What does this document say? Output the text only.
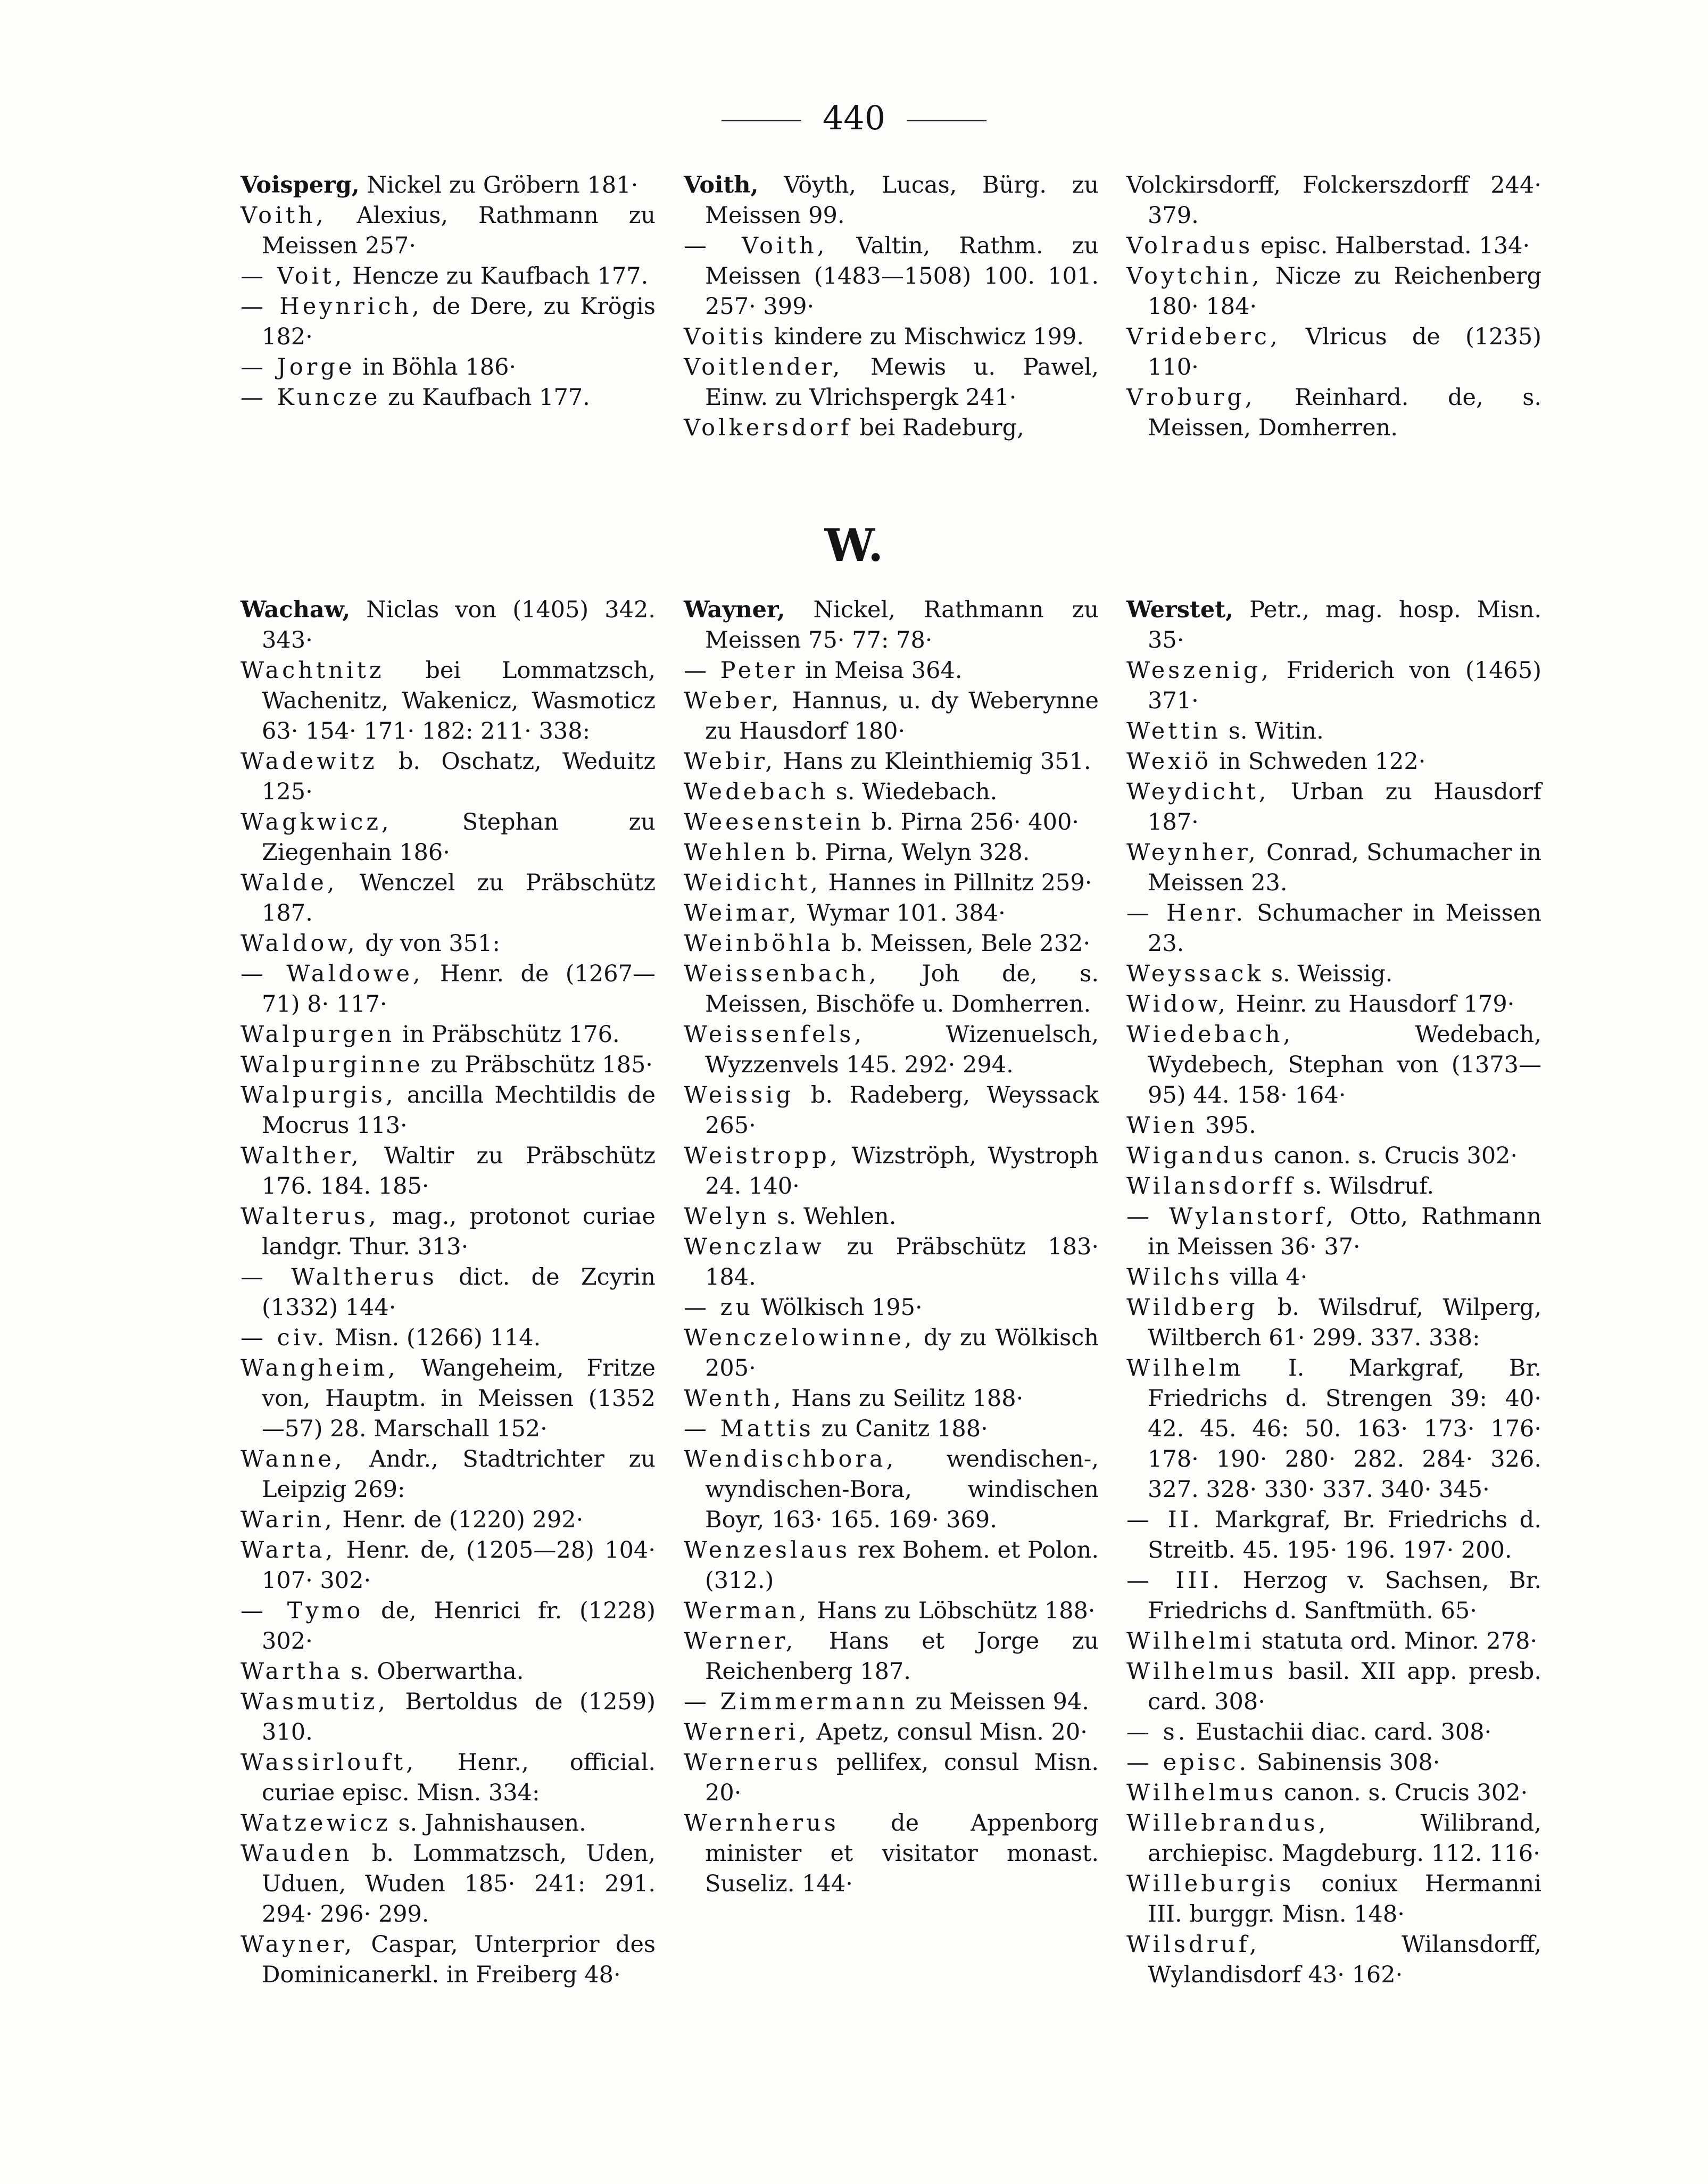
440
Voisperg, Nickel zu Gröbern 181·
Voith, Alexius, Rathmann zu Meissen 257·
— Voit, Hencze zu Kaufbach 177.
— Heynrich, de Dere, zu Krögis 182·
— Jorge in Böhla 186·
— Kuncze zu Kaufbach 177.
Voith, Vöyth, Lucas, Bürg. zu Meissen 99.
— Voith, Valtin, Rathm. zu Meissen (1483—1508) 100. 101. 257· 399·
Voitis kindere zu Mischwicz 199.
Voitlender, Mewis u. Pawel, Einw. zu Vlrichspergk 241·
Volkersdorf bei Radeburg,
Volckirsdorff, Folckerszdorff 244· 379.
Volradus episc. Halberstad. 134·
Voytchin, Nicze zu Reichenberg 180· 184·
Vrideberc, Vlricus de (1235) 110·
Vroburg, Reinhard. de, s. Meissen, Domherren.
W.
Wachaw, Niclas von (1405) 342. 343·
Wachtnitz bei Lommatzsch, Wachenitz, Wakenicz, Wasmoticz 63· 154· 171· 182: 211· 338:
Wadewitz b. Oschatz, Weduitz 125·
Wagkwicz, Stephan zu Ziegenhain 186·
Walde, Wenczel zu Präbschütz 187.
Waldow, dy von 351:
— Waldowe, Henr. de (1267—71) 8· 117·
Walpurgen in Präbschütz 176.
Walpurginne zu Präbschütz 185·
Walpurgis, ancilla Mechtildis de Mocrus 113·
Walther, Waltir zu Präbschütz 176. 184. 185·
Walterus, mag., protonot curiae landgr. Thur. 313·
— Waltherus dict. de Zcyrin (1332) 144·
— civ. Misn. (1266) 114.
Wangheim, Wangeheim, Fritze von, Hauptm. in Meissen (1352 —57) 28. Marschall 152·
Wanne, Andr., Stadtrichter zu Leipzig 269:
Warin, Henr. de (1220) 292·
Warta, Henr. de, (1205—28) 104· 107· 302·
— Tymo de, Henrici fr. (1228) 302·
Wartha s. Oberwartha.
Wasmutiz, Bertoldus de (1259) 310.
Wassirlouft, Henr., official. curiae episc. Misn. 334:
Watzewicz s. Jahnishausen.
Wauden b. Lommatzsch, Uden, Uduen, Wuden 185· 241: 291. 294· 296· 299.
Wayner, Caspar, Unterprior des Dominicanerkl. in Freiberg 48·
Wayner, Nickel, Rathmann zu Meissen 75· 77: 78·
— Peter in Meisa 364.
Weber, Hannus, u. dy Weberynne zu Hausdorf 180·
Webir, Hans zu Kleinthiemig 351.
Wedebach s. Wiedebach.
Weesenstein b. Pirna 256· 400·
Wehlen b. Pirna, Welyn 328.
Weidicht, Hannes in Pillnitz 259·
Weimar, Wymar 101. 384·
Weinböhla b. Meissen, Bele 232·
Weissenbach, Joh de, s. Meissen, Bischöfe u. Domherren.
Weissenfels, Wizenuelsch, Wyzzenvels 145. 292· 294.
Weissig b. Radeberg, Weyssack 265·
Weistropp, Wizströph, Wystroph 24. 140·
Welyn s. Wehlen.
Wenczlaw zu Präbschütz 183· 184.
— zu Wölkisch 195·
Wenczelowinne, dy zu Wölkisch 205·
Wenth, Hans zu Seilitz 188·
— Mattis zu Canitz 188·
Wendischbora, wendischen-, wyndischen-Bora, windischen Boyr, 163· 165. 169· 369.
Wenzeslaus rex Bohem. et Polon. (312.)
Werman, Hans zu Löbschütz 188·
Werner, Hans et Jorge zu Reichenberg 187.
— Zimmermann zu Meissen 94.
Werneri, Apetz, consul Misn. 20·
Wernerus pellifex, consul Misn. 20·
Wernherus de Appenborg minister et visitator monast. Suseliz. 144·
Werstet, Petr., mag. hosp. Misn. 35·
Weszenig, Friderich von (1465) 371·
Wettin s. Witin.
Wexiö in Schweden 122·
Weydicht, Urban zu Hausdorf 187·
Weynher, Conrad, Schumacher in Meissen 23.
— Henr. Schumacher in Meissen 23.
Weyssack s. Weissig.
Widow, Heinr. zu Hausdorf 179·
Wiedebach, Wedebach, Wydebech, Stephan von (1373—95) 44. 158· 164·
Wien 395.
Wigandus canon. s. Crucis 302·
Wilansdorff s. Wilsdruf.
— Wylanstorf, Otto, Rathmann in Meissen 36· 37·
Wilchs villa 4·
Wildberg b. Wilsdruf, Wilperg, Wiltberch 61· 299. 337. 338:
Wilhelm I. Markgraf, Br. Friedrichs d. Strengen 39: 40· 42. 45. 46: 50. 163· 173· 176· 178· 190· 280· 282. 284· 326. 327. 328· 330· 337. 340· 345·
— II. Markgraf, Br. Friedrichs d. Streitb. 45. 195· 196. 197· 200.
— III. Herzog v. Sachsen, Br. Friedrichs d. Sanftmüth. 65·
Wilhelmi statuta ord. Minor. 278·
Wilhelmus basil. XII app. presb. card. 308·
— s. Eustachii diac. card. 308·
— episc. Sabinensis 308·
Wilhelmus canon. s. Crucis 302·
Willebrandus, Wilibrand, archiepisc. Magdeburg. 112. 116·
Willeburgis coniux Hermanni III. burggr. Misn. 148·
Wilsdruf, Wilansdorff, Wylandisdorf 43· 162·
